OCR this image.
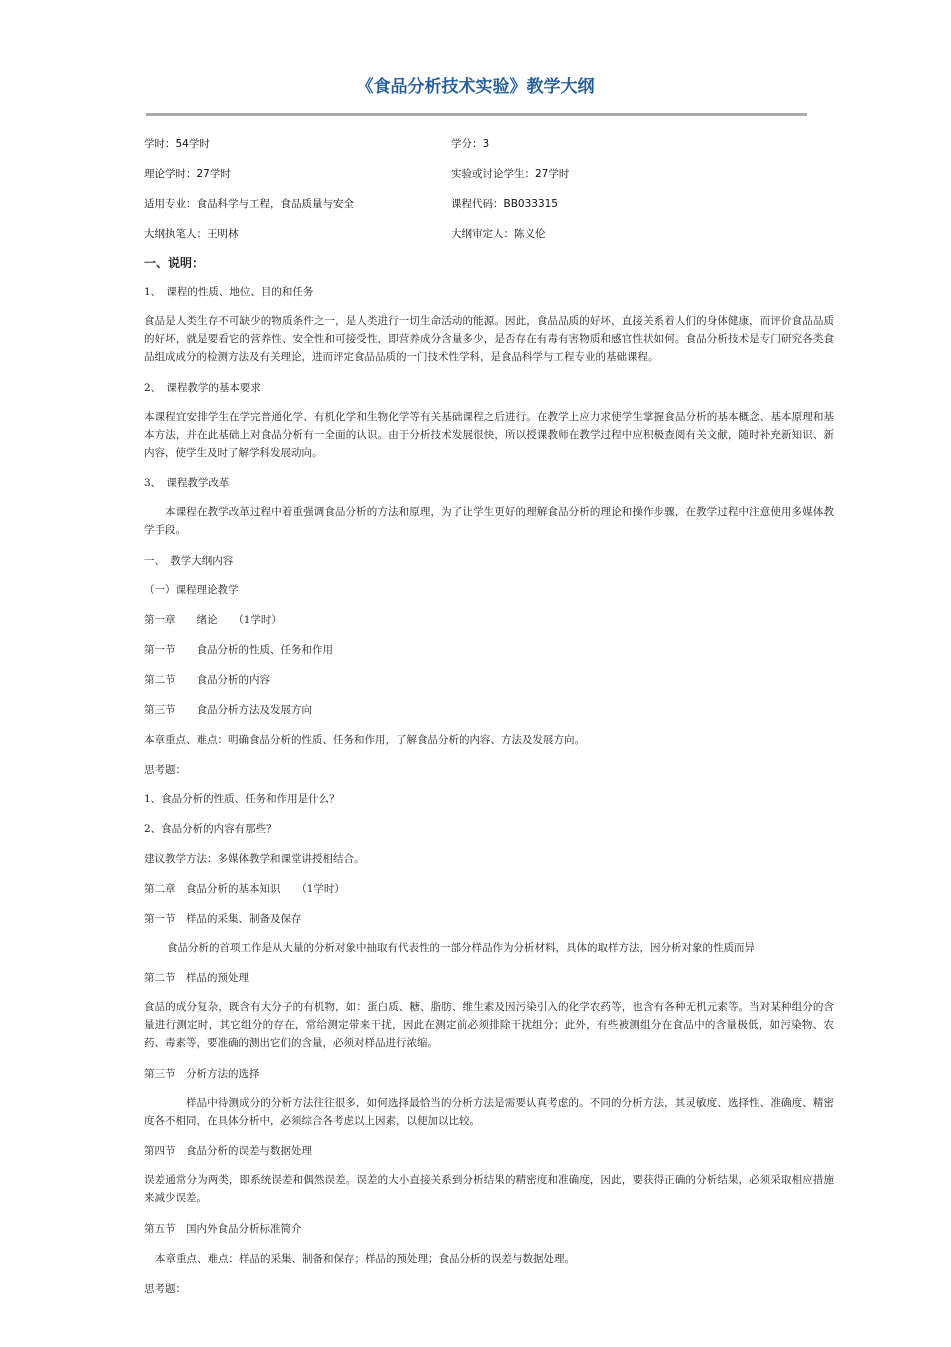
《食品分析技术实验》教学大纲
学时：54学时	学分：3
理论学时：27学时	实验或讨论学生：27学时
适用专业：食品科学与工程，食品质量与安全	课程代码：BB033315
大纲执笔人：王明林	大纲审定人：陈义伦
一、说明：
1、　课程的性质、地位、目的和任务
食品是人类生存不可缺少的物质条件之一，是人类进行一切生命活动的能源。因此，食品品质的好坏，直接关系着人们的身体健康，而评价食品品质的好坏，就是要看它的营养性、安全性和可接受性，即营养成分含量多少，是否存在有毒有害物质和感官性状如何。食品分析技术是专门研究各类食品组成成分的检测方法及有关理论，进而评定食品品质的一门技术性学科，是食品科学与工程专业的基础课程。
2、　课程教学的基本要求
本课程宜安排学生在学完普通化学、有机化学和生物化学等有关基础课程之后进行。在教学上应力求使学生掌握食品分析的基本概念、基本原理和基本方法，并在此基础上对食品分析有一全面的认识。由于分析技术发展很快，所以授课教师在教学过程中应积极查阅有关文献，随时补充新知识、新内容，使学生及时了解学科发展动向。
3、　课程教学改革
本课程在教学改革过程中着重强调食品分析的方法和原理，为了让学生更好的理解食品分析的理论和操作步骤，在教学过程中注意使用多媒体教学手段。
一、　教学大纲内容
（一）课程理论教学
第一章　　绪论　　（1学时）
第一节　　食品分析的性质、任务和作用
第二节　　食品分析的内容
第三节　　食品分析方法及发展方向
本章重点、难点：明确食品分析的性质、任务和作用，了解食品分析的内容、方法及发展方向。
思考题：
1、食品分析的性质、任务和作用是什么？
2、食品分析的内容有那些？
建议教学方法：多媒体教学和课堂讲授相结合。
第二章　食品分析的基本知识　　（1学时）
第一节　样品的采集、制备及保存
食品分析的首项工作是从大量的分析对象中抽取有代表性的一部分样品作为分析材料，具体的取样方法，因分析对象的性质而异
第二节　样品的预处理
食品的成分复杂，既含有大分子的有机物，如：蛋白质、糖、脂肪、维生素及因污染引入的化学农药等，也含有各种无机元素等。当对某种组分的含量进行测定时，其它组分的存在，常给测定带来干扰，因此在测定前必须排除干扰组分；此外，有些被测组分在食品中的含量极低，如污染物、农药、毒素等，要准确的测出它们的含量，必须对样品进行浓缩。
第三节　分析方法的选择
样品中待测成分的分析方法往往很多，如何选择最恰当的分析方法是需要认真考虑的。不同的分析方法，其灵敏度、选择性、准确度、精密度各不相同，在具体分析中，必须综合各考虑以上因素，以便加以比较。
第四节　食品分析的误差与数据处理
误差通常分为两类，即系统误差和偶然误差。误差的大小直接关系到分析结果的精密度和准确度，因此，要获得正确的分析结果，必须采取相应措施来减少误差。
第五节　国内外食品分析标准简介
本章重点、难点：样品的采集、制备和保存；样品的预处理；食品分析的误差与数据处理。
思考题：
